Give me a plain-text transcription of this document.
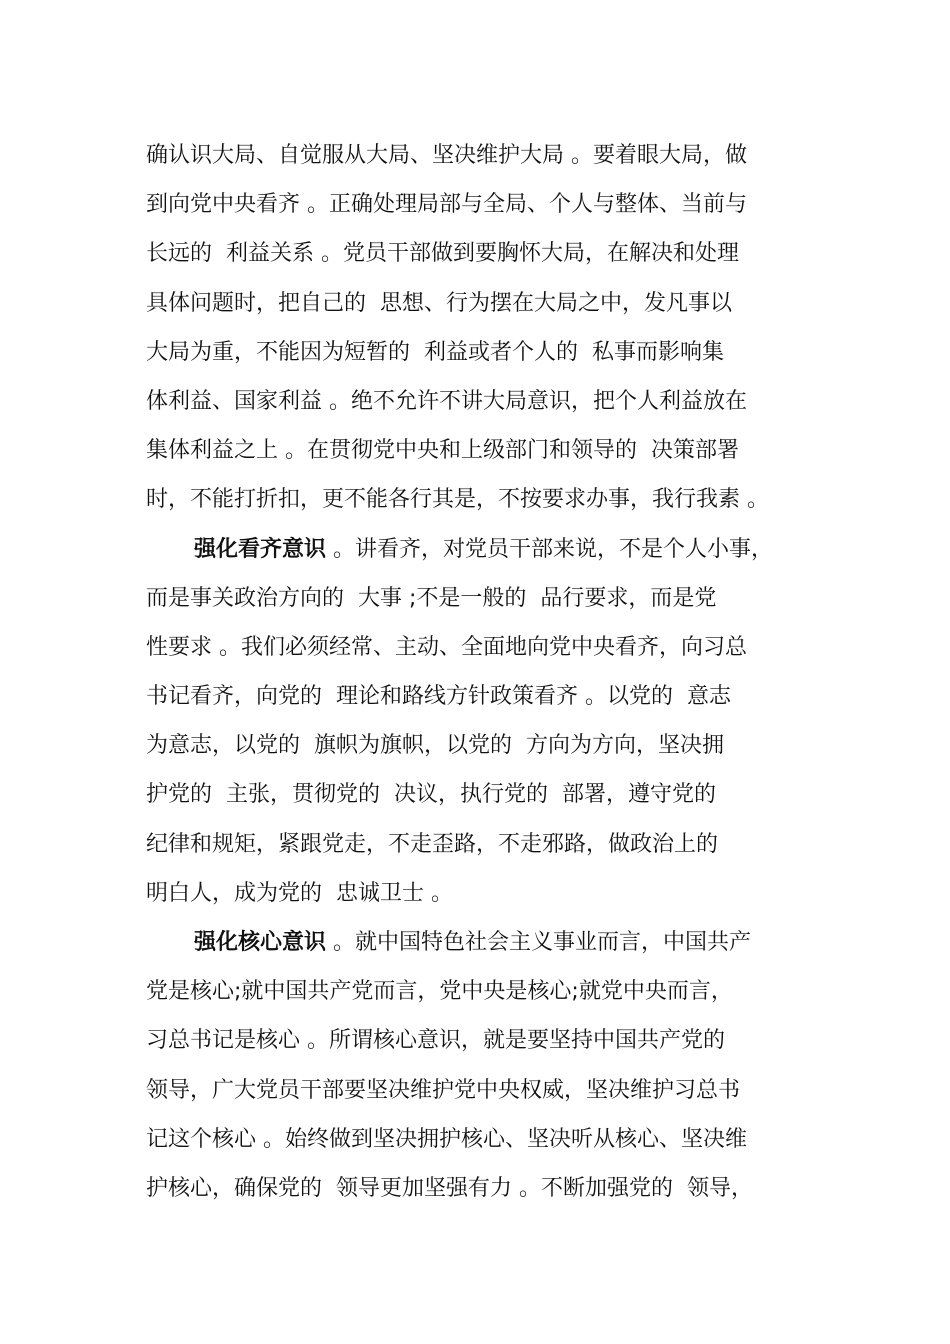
确认识大局、自觉服从大局、坚决维护大局 。要着眼大局，做
到向党中央看齐 。正确处理局部与全局、个人与整体、当前与
长远的  利益关系 。党员干部做到要胸怀大局，在解决和处理
具体问题时，把自己的  思想、行为摆在大局之中，发凡事以
大局为重，不能因为短暂的  利益或者个人的  私事而影响集
体利益、国家利益 。绝不允许不讲大局意识，把个人利益放在
集体利益之上 。在贯彻党中央和上级部门和领导的  决策部署
时，不能打折扣，更不能各行其是，不按要求办事，我行我素 。
强化看齐意识 。讲看齐，对党员干部来说，不是个人小事，
而是事关政治方向的  大事 ;不是一般的  品行要求，而是党
性要求 。我们必须经常、主动、全面地向党中央看齐，向习总
书记看齐，向党的  理论和路线方针政策看齐 。以党的  意志
为意志，以党的  旗帜为旗帜，以党的  方向为方向，坚决拥
护党的  主张，贯彻党的  决议，执行党的  部署，遵守党的
纪律和规矩，紧跟党走，不走歪路，不走邪路，做政治上的
明白人，成为党的  忠诚卫士 。
强化核心意识 。就中国特色社会主义事业而言，中国共产
党是核心;就中国共产党而言，党中央是核心;就党中央而言，
习总书记是核心 。所谓核心意识，就是要坚持中国共产党的
领导，广大党员干部要坚决维护党中央权威，坚决维护习总书
记这个核心 。始终做到坚决拥护核心、坚决听从核心、坚决维
护核心，确保党的  领导更加坚强有力 。不断加强党的  领导，
